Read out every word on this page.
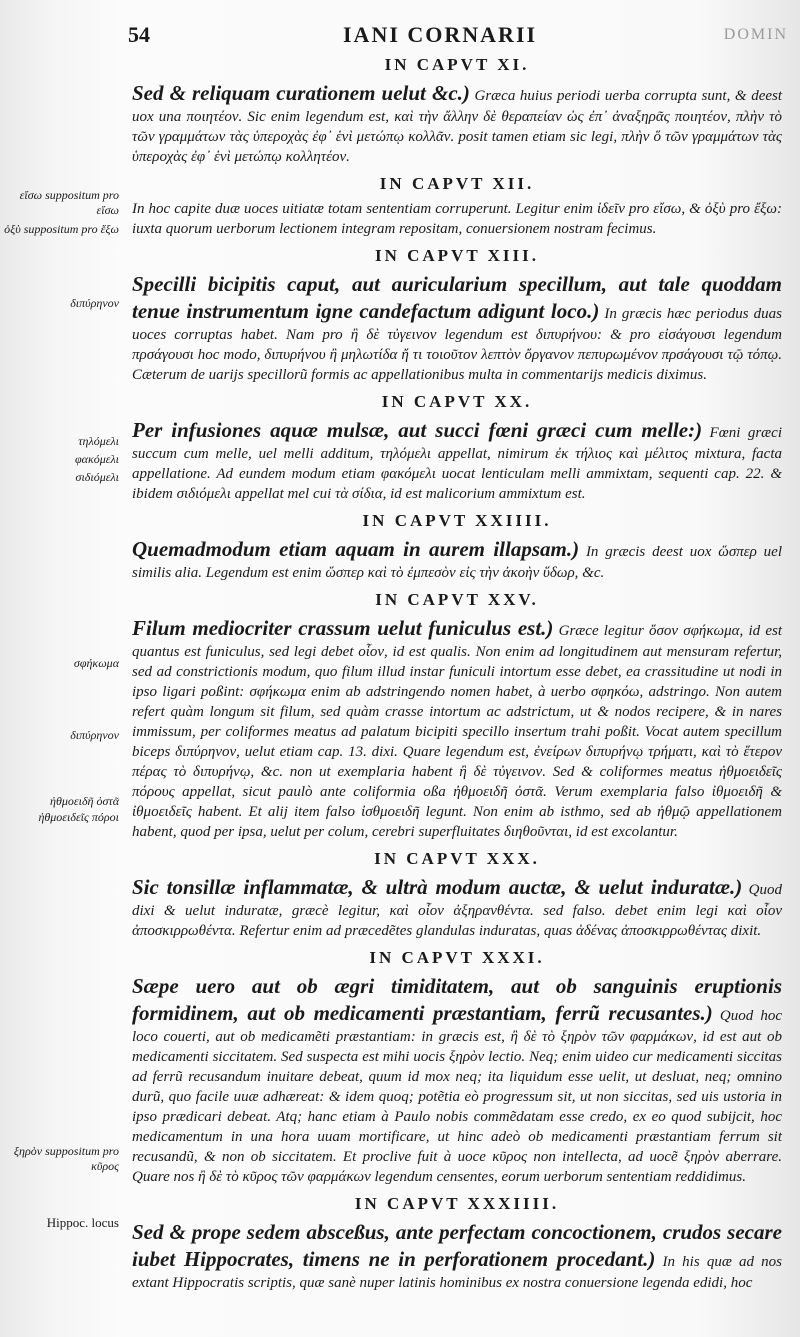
54	IANI CORNARII	DOMIN
εἴσω suppositum pro εἴσω
ὀξὺ suppositum pro ἔξω
διπύρηνον
τηλόμελι
φακόμελι
σιδιόμελι
σφήκωμα
διπύρηνον
ἠθμοειδῆ ὀστᾶ
ἠθμοειδεῖς πόροι
ξηρὸν suppositum pro κῦρος
Hippoc. locus
IN CAPVT XI.

Sed & reliquam curationem uelut &c.) Græca huius periodi uerba corrupta sunt, & deest uox una ποιητέον. Sic enim legendum est, καὶ τὴν ἄλλην δὲ θεραπείαν ὡς ἐπ᾽ ἀναξηρᾶς ποιητέον, πλὴν τὸ τῶν γραμμάτων τὰς ὑπεροχὰς ἐφ᾽ ἑνὶ μετώπῳ κολλᾶν. posit tamen etiam sic legi, πλὴν ὅ τῶν γραμμάτων τὰς ὑπεροχὰς ἐφ᾽ ἑνὶ μετώπῳ κολλητέον.

IN CAPVT XII.

In hoc capite duæ uoces uitiatæ totam sententiam corruperunt. Legitur enim ἰδεῖν pro εἴσω, & ὀξὺ pro ἔξω: iuxta quorum uerborum lectionem integram repositam, conuersionem nostram fecimus.

IN CAPVT XIII.

Specilli bicipitis caput, aut auricularium specillum, aut tale quoddam tenue instrumentum igne candefactum adigunt loco.) In græcis hæc periodus duas uoces corruptas habet. Nam pro ἢ δὲ τὐγεινον legendum est διπυρήνου: & pro εἰσάγουσι legendum πρσάγουσι hoc modo, διπυρήνου ἢ μηλωτίδα ἤ τι τοιοῦτον λεπτὸν ὄργανον πεπυρωμένον πρσάγουσι τῷ τόπῳ. Cæterum de uarijs specillorũ formis ac appellationibus multa in commentarijs medicis diximus.

IN CAPVT XX.

Per infusiones aquæ mulsæ, aut succi fœni græci cum melle:) Fœni græci succum cum melle, uel melli additum, τηλόμελι appellat, nimirum ἐκ τήλιος καὶ μέλιτος mixtura, facta appellatione. Ad eundem modum etiam φακόμελι uocat lenticulam melli ammixtam, sequenti cap. 22. & ibidem σιδιόμελι appellat mel cui τὰ σίδια, id est malicorium ammixtum est.

IN CAPVT XXIIII.

Quemadmodum etiam aquam in aurem illapsam.) In græcis deest uox ὥσπερ uel similis alia. Legendum est enim ὥσπερ καὶ τὸ ἐμπεσὸν εἰς τὴν ἀκοὴν ὕδωρ, &c.

IN CAPVT XXV.

Filum mediocriter crassum uelut funiculus est.) Græce legitur ὅσον σφήκωμα, id est quantus est funiculus, sed legi debet οἷον, id est qualis. Non enim ad longitudinem aut mensuram refertur, sed ad constrictionis modum, quo filum illud instar funiculi intortum esse debet, ea crassitudine ut nodi in ipso ligari poßint: σφήκωμα enim ab adstringendo nomen habet, à uerbo σφηκόω, adstringo. Non autem refert quàm longum sit filum, sed quàm crasse intortum ac adstrictum, ut & nodos recipere, & in nares immissum, per coliformes meatus ad palatum bicipiti specillo insertum trahi poßit. Vocat autem specillum biceps διπύρηνον, uelut etiam cap. 13. dixi. Quare legendum est, ἐνείρων διπυρήνῳ τρήματι, καὶ τὸ ἕτερον πέρας τὸ διπυρήνῳ, &c. non ut exemplaria habent ἢ δὲ τὐγεινον. Sed & coliformes meatus ἠθμοειδεῖς πόρους appellat, sicut paulò ante coliformia oßa ἠθμοειδῆ ὀστᾶ. Verum exemplaria falso ἰθμοειδῆ & ἰθμοειδεῖς habent. Et alij item falso ἰσθμοειδῆ legunt. Non enim ab isthmo, sed ab ἠθμῷ appellationem habent, quod per ipsa, uelut per colum, cerebri superfluitates διηθοῦνται, id est excolantur.

IN CAPVT XXX.

Sic tonsillæ inflammatæ, & ultrà modum auctæ, & uelut induratæ.) Quod dixi & uelut induratæ, græcè legitur, καὶ οἷον ἀξηρανθέντα. sed falso. debet enim legi καὶ οἷον ἀποσκιρρωθέντα. Refertur enim ad præcedẽtes glandulas induratas, quas ἀδένας ἀποσκιρρωθέντας dixit.

IN CAPVT XXXI.

Sæpe uero aut ob ægri timiditatem, aut ob sanguinis eruptionis formidinem, aut ob medicamenti præstantiam, ferrũ recusantes.) Quod hoc loco couerti, aut ob medicamẽti præstantiam: in græcis est, ἢ δὲ τὸ ξηρὸν τῶν φαρμάκων, id est aut ob medicamenti siccitatem. Sed suspecta est mihi uocis ξηρὸν lectio. Neq; enim uideo cur medicamenti siccitas ad ferrũ recusandum inuitare debeat, quum id mox neq; ita liquidum esse uelit, ut desluat, neq; omnino durũ, quo facile uuæ adhæreat: & idem quoq; potẽtia eò progressum sit, ut non siccitas, sed uis ustoria in ipso prædicari debeat. Atq; hanc etiam à Paulo nobis commẽdatam esse credo, ex eo quod subijcit, hoc medicamentum in una hora uuam mortificare, ut hinc adeò ob medicamenti præstantiam ferrum sit recusandũ, & non ob siccitatem. Et proclive fuit à uoce κῦρος non intellecta, ad uocẽ ξηρὸν aberrare. Quare nos ἢ δὲ τὸ κῦρος τῶν φαρμάκων legendum censentes, eorum uerborum sententiam reddidimus.

IN CAPVT XXXIIII.

Sed & prope sedem absceßus, ante perfectam concoctionem, crudos secare iubet Hippocrates, timens ne in perforationem procedant.) In his quæ ad nos extant Hippocratis scriptis, quæ sanè nuper latinis hominibus ex nostra conuersione legenda edidi, hoc
